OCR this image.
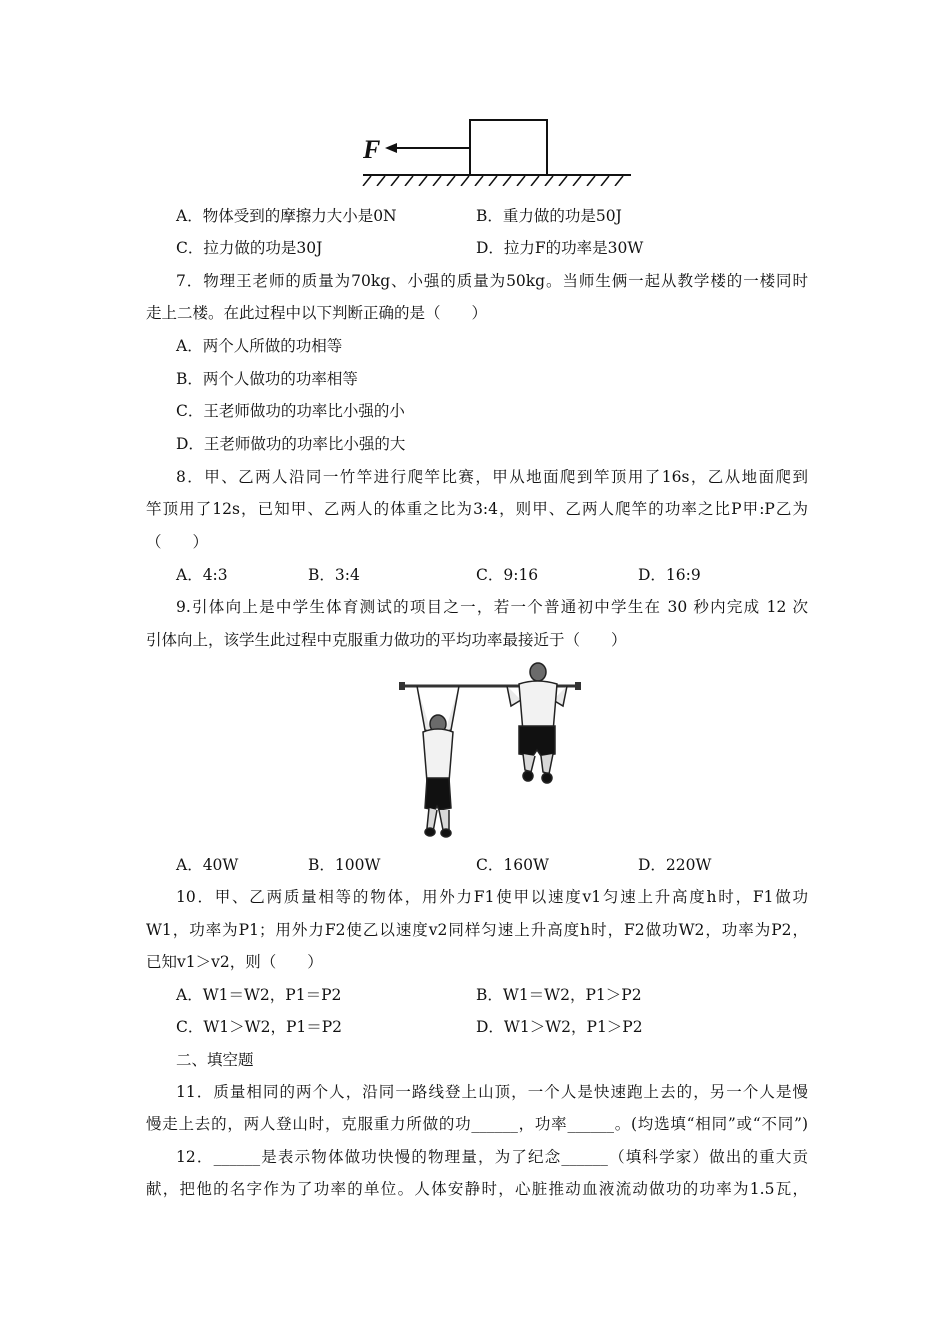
F
A．物体受到的摩擦力大小是0N	B．重力做的功是50J
C．拉力做的功是30J	D．拉力F的功率是30W
7．物理王老师的质量为70kg、小强的质量为50kg。当师生俩一起从教学楼的一楼同时
走上二楼。在此过程中以下判断正确的是（　　）
A．两个人所做的功相等
B．两个人做功的功率相等
C．王老师做功的功率比小强的小
D．王老师做功的功率比小强的大
8．甲、乙两人沿同一竹竿进行爬竿比赛，甲从地面爬到竿顶用了16s，乙从地面爬到
竿顶用了12s，已知甲、乙两人的体重之比为3:4，则甲、乙两人爬竿的功率之比P甲:P乙为
（　　）
A．4:3	B．3:4	C．9:16	D．16:9
9.引体向上是中学生体育测试的项目之一，若一个普通初中学生在 30 秒内完成 12 次
引体向上，该学生此过程中克服重力做功的平均功率最接近于（　　）
A．40W	B．100W	C．160W	D．220W
10．甲、乙两质量相等的物体，用外力F1使甲以速度v1匀速上升高度h时，F1做功
W1，功率为P1；用外力F2使乙以速度v2同样匀速上升高度h时，F2做功W2，功率为P2，
已知v1＞v2，则（　　）
A．W1＝W2，P1＝P2	B．W1＝W2，P1＞P2
C．W1＞W2，P1＝P2	D．W1＞W2，P1＞P2
二、填空题
11．质量相同的两个人，沿同一路线登上山顶，一个人是快速跑上去的，另一个人是慢
慢走上去的，两人登山时，克服重力所做的功______，功率______。(均选填“相同”或“不同”)
12．______是表示物体做功快慢的物理量，为了纪念______（填科学家）做出的重大贡
献，把他的名字作为了功率的单位。人体安静时，心脏推动血液流动做功的功率为1.5瓦，
